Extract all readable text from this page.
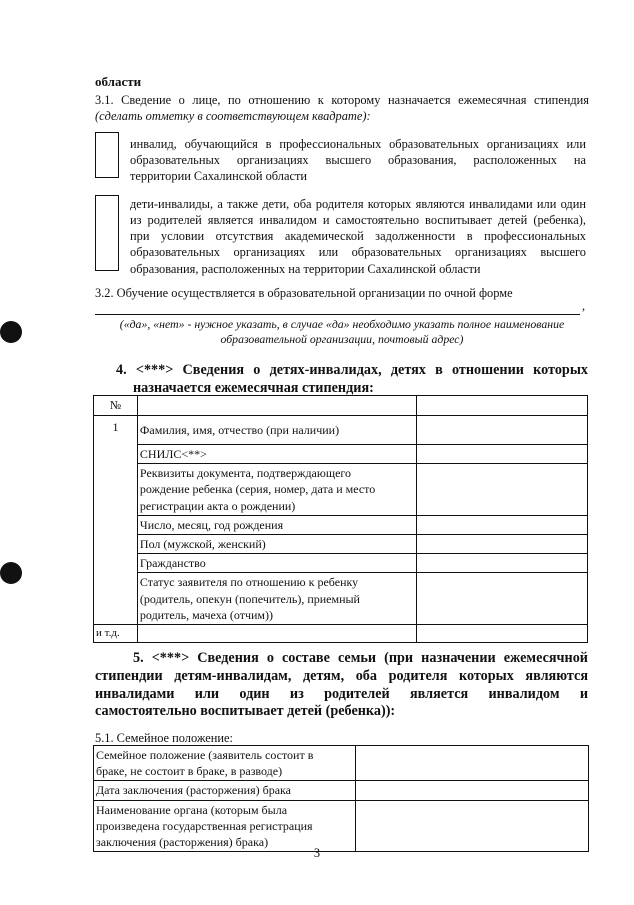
области
3.1. Сведение о лице, по отношению к которому назначается ежемесячная стипендия
(сделать отметку в соответствующем квадрате):
инвалид, обучающийся в профессиональных образовательных организациях или
образовательных организациях высшего образования, расположенных на
территории Сахалинской области
дети-инвалиды, а также дети, оба родителя которых являются инвалидами или один
из родителей является инвалидом и самостоятельно воспитывает детей (ребенка),
при условии отсутствия академической задолженности в профессиональных
образовательных организациях или образовательных организациях высшего
образования, расположенных на территории Сахалинской области
3.2. Обучение осуществляется в образовательной организации по очной форме
,
(«да», «нет» - нужное указать, в случае «да» необходимо указать полное наименование
образовательной организации, почтовый адрес)
4. <***> Сведения о детях-инвалидах, детях в отношении которых
назначается ежемесячная стипендия:
№		
1	Фамилия, имя, отчество (при наличии)	

	СНИЛС<**>	

	Реквизиты документа, подтверждающего
рождение ребенка (серия, номер, дата и место
регистрации акта о рождении)	

	Число, месяц, год рождения	

	Пол (мужской, женский)	

	Гражданство	

	Статус заявителя по отношению к ребенку
(родитель, опекун (попечитель), приемный
родитель, мачеха (отчим))	

и т.д.		
5. <***> Сведения о составе семьи (при назначении ежемесячной
стипендии детям-инвалидам, детям, оба родителя которых являются
инвалидами или один из родителей является инвалидом и
самостоятельно воспитывает детей (ребенка)):
5.1. Семейное положение:
Семейное положение (заявитель состоит в
браке, не состоит в браке, в разводе)	

Дата заключения (расторжения) брака	

Наименование органа (которым была
произведена государственная регистрация
заключения (расторжения) брака)	

3
